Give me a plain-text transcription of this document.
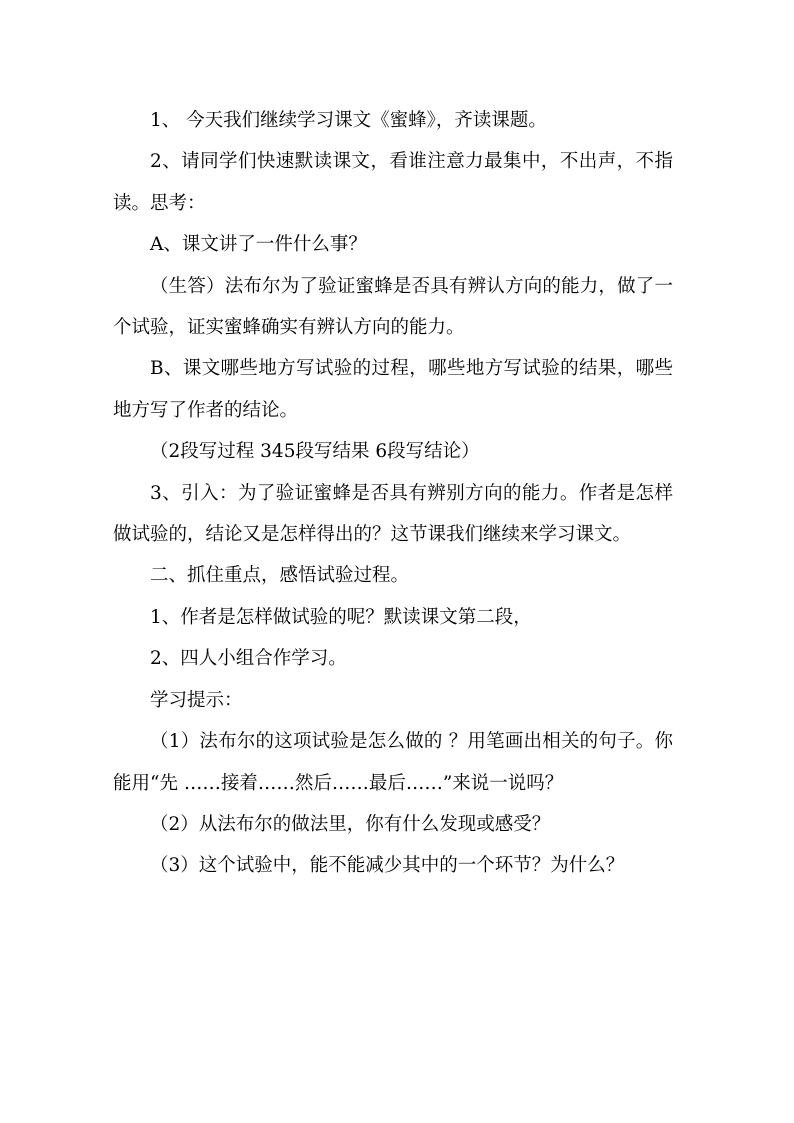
1、 今天我们继续学习课文《蜜蜂》，齐读课题。

2、请同学们快速默读课文，看谁注意力最集中，不出声，不指读。思考：

A、课文讲了一件什么事？

（生答）法布尔为了验证蜜蜂是否具有辨认方向的能力，做了一个试验，证实蜜蜂确实有辨认方向的能力。

B、课文哪些地方写试验的过程，哪些地方写试验的结果，哪些地方写了作者的结论。

（2段写过程 345段写结果 6段写结论）

3、引入：为了验证蜜蜂是否具有辨别方向的能力。作者是怎样做试验的，结论又是怎样得出的？这节课我们继续来学习课文。

二、抓住重点，感悟试验过程。

1、作者是怎样做试验的呢？默读课文第二段，

2、四人小组合作学习。

学习提示：

（1）法布尔的这项试验是怎么做的 ？用笔画出相关的句子。你能用“先 ……接着……然后……最后……”来说一说吗？

（2）从法布尔的做法里，你有什么发现或感受？

（3）这个试验中，能不能减少其中的一个环节？为什么？
